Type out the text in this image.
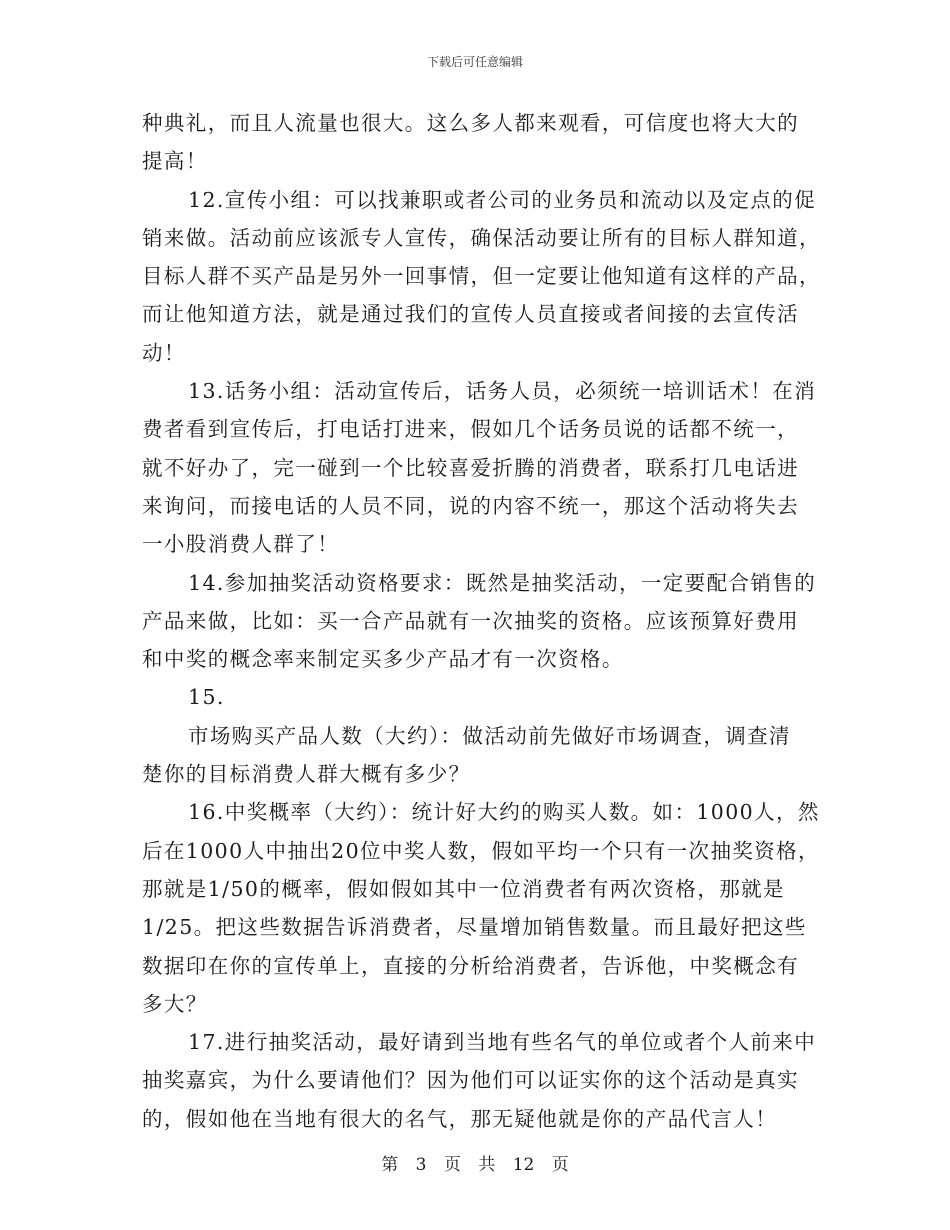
下载后可任意编辑
种典礼，而且人流量也很大。这么多人都来观看，可信度也将大大的
提高！
12.宣传小组：可以找兼职或者公司的业务员和流动以及定点的促
销来做。活动前应该派专人宣传，确保活动要让所有的目标人群知道，
目标人群不买产品是另外一回事情，但一定要让他知道有这样的产品，
而让他知道方法，就是通过我们的宣传人员直接或者间接的去宣传活
动！
13.话务小组：活动宣传后，话务人员，必须统一培训话术！在消
费者看到宣传后，打电话打进来，假如几个话务员说的话都不统一，
就不好办了，完一碰到一个比较喜爱折腾的消费者，联系打几电话进
来询问，而接电话的人员不同，说的内容不统一，那这个活动将失去
一小股消费人群了！
14.参加抽奖活动资格要求：既然是抽奖活动，一定要配合销售的
产品来做，比如：买一合产品就有一次抽奖的资格。应该预算好费用
和中奖的概念率来制定买多少产品才有一次资格。
15.
市场购买产品人数（大约）：做活动前先做好市场调查，调查清
楚你的目标消费人群大概有多少？
16.中奖概率（大约）：统计好大约的购买人数。如：1000人，然
后在1000人中抽出20位中奖人数，假如平均一个只有一次抽奖资格，
那就是1/50的概率，假如假如其中一位消费者有两次资格，那就是
1/25。把这些数据告诉消费者，尽量增加销售数量。而且最好把这些
数据印在你的宣传单上，直接的分析给消费者，告诉他，中奖概念有
多大？
17.进行抽奖活动，最好请到当地有些名气的单位或者个人前来中
抽奖嘉宾，为什么要请他们？因为他们可以证实你的这个活动是真实
的，假如他在当地有很大的名气，那无疑他就是你的产品代言人！
第 3 页 共 12 页
